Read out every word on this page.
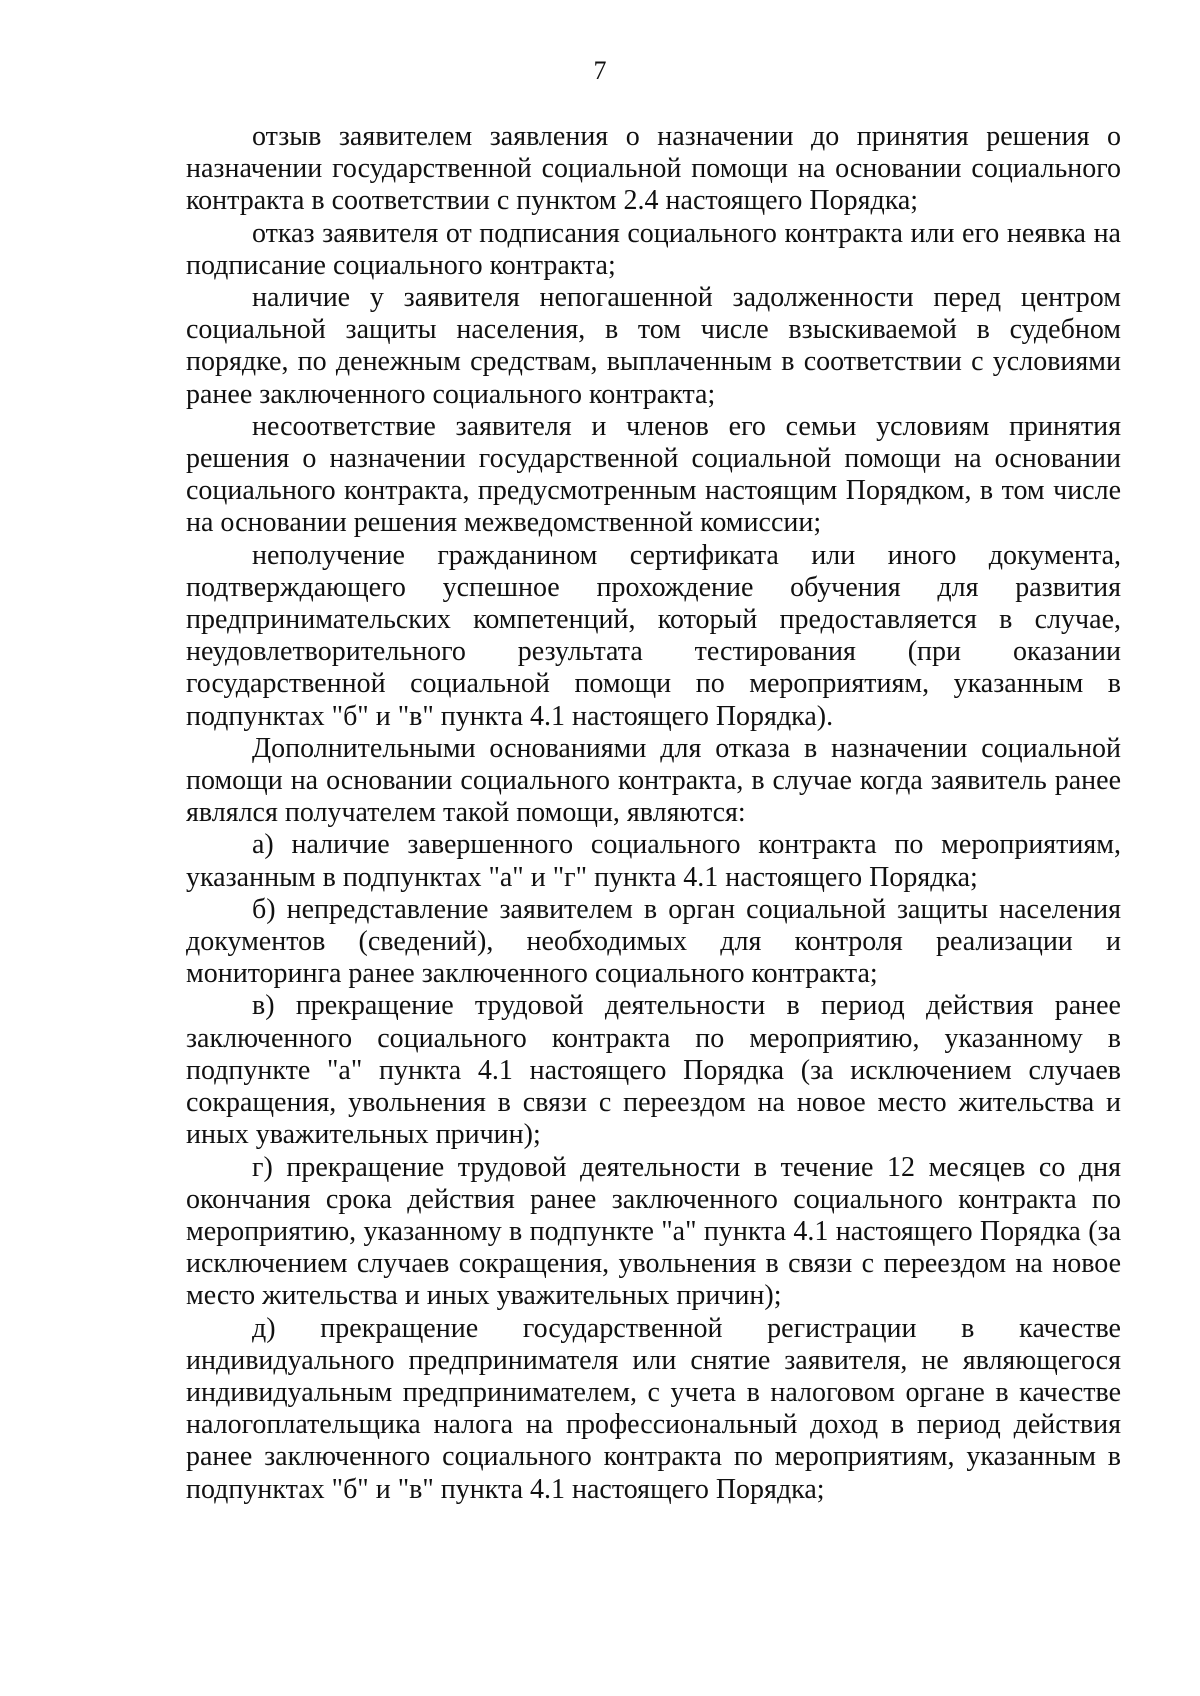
7

отзыв заявителем заявления о назначении до принятия решения о назначении государственной социальной помощи на основании социального контракта в соответствии с пунктом 2.4 настоящего Порядка;

отказ заявителя от подписания социального контракта или его неявка на подписание социального контракта;

наличие у заявителя непогашенной задолженности перед центром социальной защиты населения, в том числе взыскиваемой в судебном порядке, по денежным средствам, выплаченным в соответствии с условиями ранее заключенного социального контракта;

несоответствие заявителя и членов его семьи условиям принятия решения о назначении государственной социальной помощи на основании социального контракта, предусмотренным настоящим Порядком, в том числе на основании решения межведомственной комиссии;

неполучение гражданином сертификата или иного документа, подтверждающего успешное прохождение обучения для развития предпринимательских компетенций, который предоставляется в случае, неудовлетворительного результата тестирования (при оказании государственной социальной помощи по мероприятиям, указанным в подпунктах "б" и "в" пункта 4.1 настоящего Порядка).

Дополнительными основаниями для отказа в назначении социальной помощи на основании социального контракта, в случае когда заявитель ранее являлся получателем такой помощи, являются:

а) наличие завершенного социального контракта по мероприятиям, указанным в подпунктах "а" и "г" пункта 4.1 настоящего Порядка;

б) непредставление заявителем в орган социальной защиты населения документов (сведений), необходимых для контроля реализации и мониторинга ранее заключенного социального контракта;

в) прекращение трудовой деятельности в период действия ранее заключенного социального контракта по мероприятию, указанному в подпункте "а" пункта 4.1 настоящего Порядка (за исключением случаев сокращения, увольнения в связи с переездом на новое место жительства и иных уважительных причин);

г) прекращение трудовой деятельности в течение 12 месяцев со дня окончания срока действия ранее заключенного социального контракта по мероприятию, указанному в подпункте "а" пункта 4.1 настоящего Порядка (за исключением случаев сокращения, увольнения в связи с переездом на новое место жительства и иных уважительных причин);

д) прекращение государственной регистрации в качестве индивидуального предпринимателя или снятие заявителя, не являющегося индивидуальным предпринимателем, с учета в налоговом органе в качестве налогоплательщика налога на профессиональный доход в период действия ранее заключенного социального контракта по мероприятиям, указанным в подпунктах "б" и "в" пункта 4.1 настоящего Порядка;
